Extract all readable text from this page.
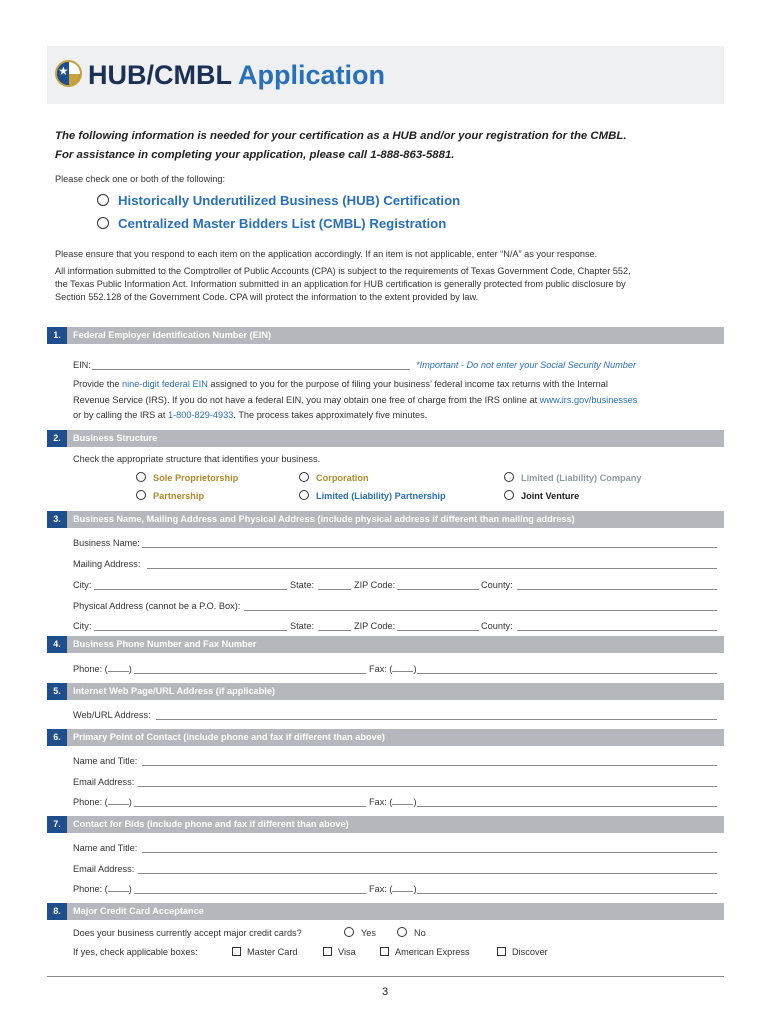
★ HUB/CMBL Application
The following information is needed for your certification as a HUB and/or your registration for the CMBL.
For assistance in completing your application, please call 1-888-863-5881.
Please check one or both of the following:
Historically Underutilized Business (HUB) Certification
Centralized Master Bidders List (CMBL) Registration
Please ensure that you respond to each item on the application accordingly. If an item is not applicable, enter “N/A” as your response.
All information submitted to the Comptroller of Public Accounts (CPA) is subject to the requirements of Texas Government Code, Chapter 552,
the Texas Public Information Act. Information submitted in an application for HUB certification is generally protected from public disclosure by
Section 552.128 of the Government Code. CPA will protect the information to the extent provided by law.
1.	Federal Employer Identification Number (EIN)
EIN:	*Important - Do not enter your Social Security Number
Provide the nine-digit federal EIN assigned to you for the purpose of filing your business’ federal income tax returns with the Internal
Revenue Service (IRS). If you do not have a federal EIN, you may obtain one free of charge from the IRS online at www.irs.gov/businesses
or by calling the IRS at 1-800-829-4933. The process takes approximately five minutes.
2.	Business Structure
Check the appropriate structure that identifies your business.
Sole Proprietorship	Corporation	Limited (Liability) Company
Partnership	Limited (Liability) Partnership	Joint Venture
3.	Business Name, Mailing Address and Physical Address (include physical address if different than mailing address)
Business Name:
Mailing Address:
City:	State:	ZIP Code:	County:
Physical Address (cannot be a P.O. Box):
City:	State:	ZIP Code:	County:
4.	Business Phone Number and Fax Number
Phone: ( )	Fax: ( )
5.	Internet Web Page/URL Address (if applicable)
Web/URL Address:
6.	Primary Point of Contact (include phone and fax if different than above)
Name and Title:
Email Address:
Phone: ( )	Fax: ( )
7.	Contact for Bids (include phone and fax if different than above)
Name and Title:
Email Address:
Phone: ( )	Fax: ( )
8.	Major Credit Card Acceptance
Does your business currently accept major credit cards?	Yes	No
If yes, check applicable boxes:	Master Card	Visa	American Express	Discover
3
